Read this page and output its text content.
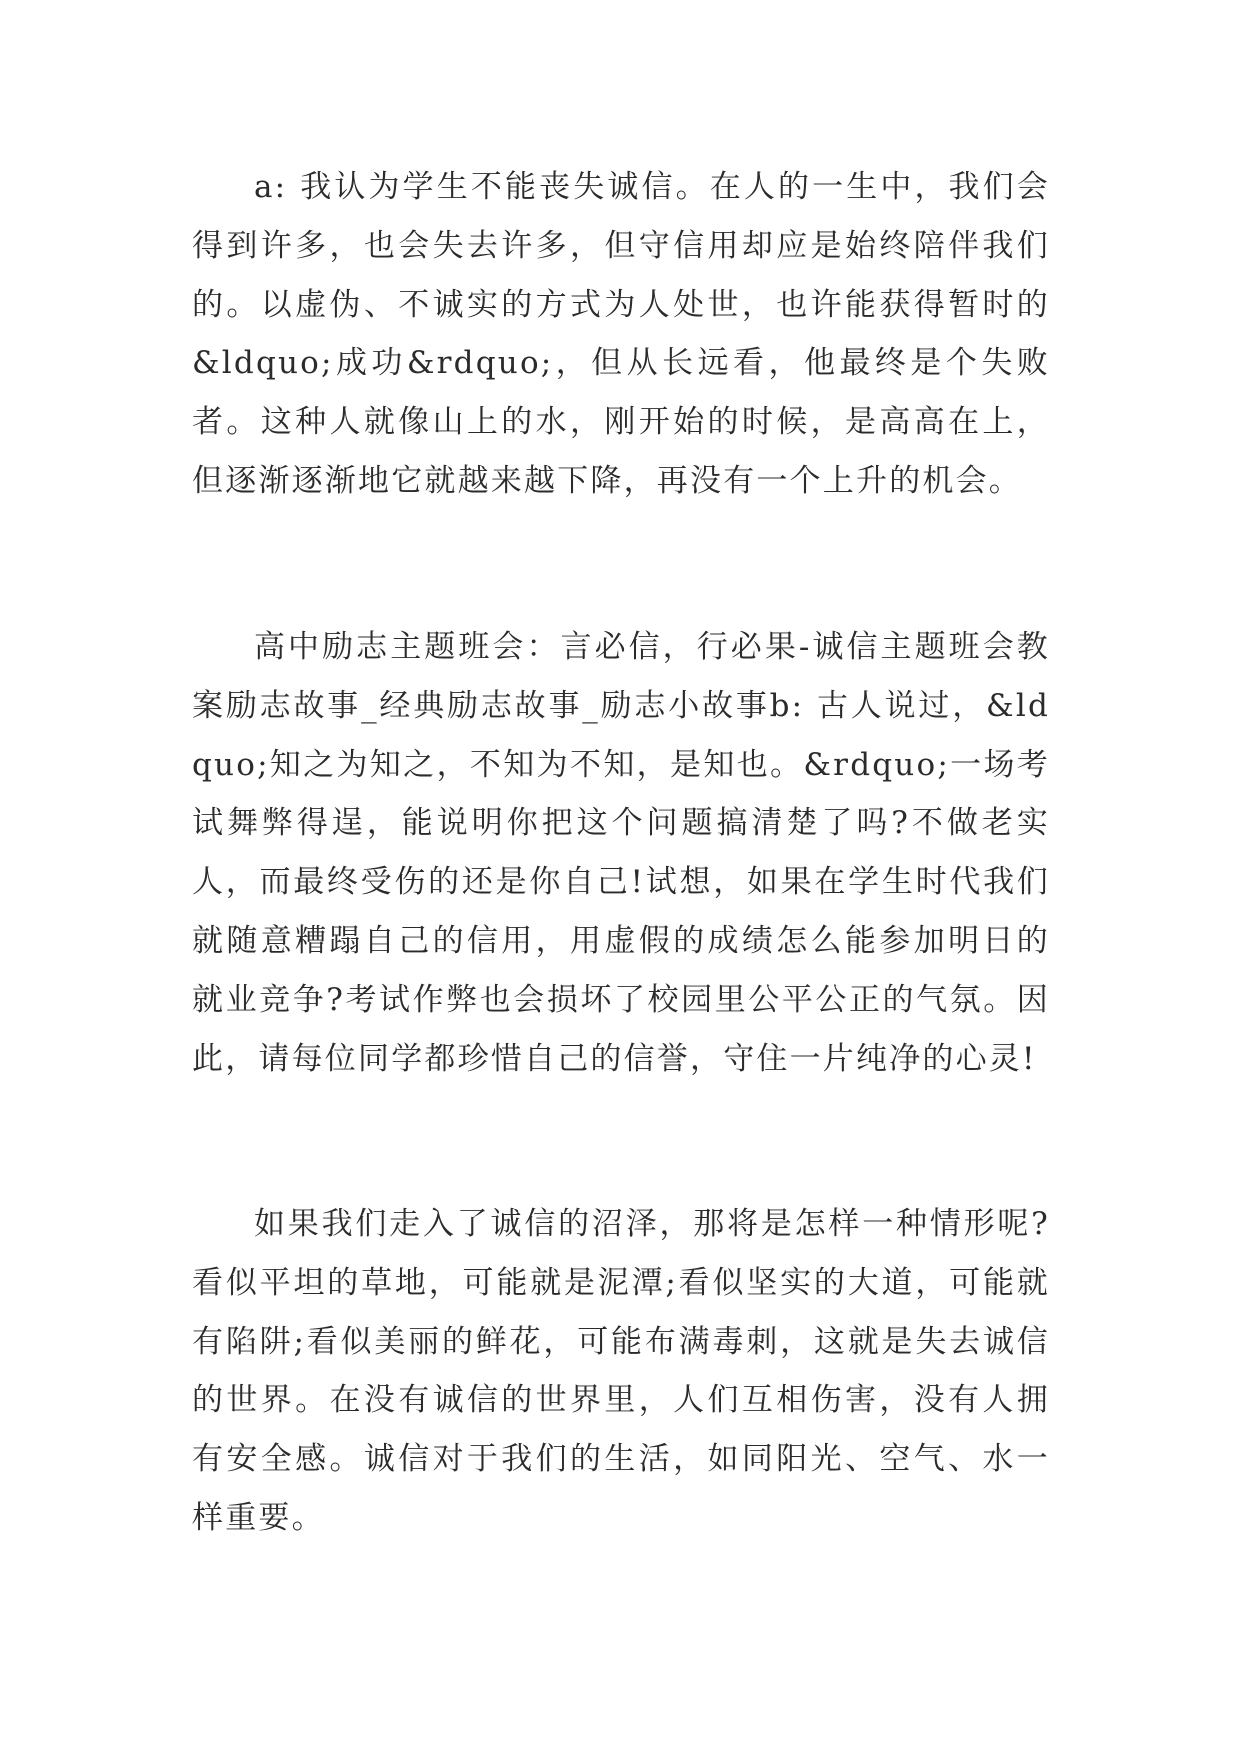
a: 我认为学生不能丧失诚信。在人的一生中，我们会得到许多，也会失去许多，但守信用却应是始终陪伴我们的。以虚伪、不诚实的方式为人处世，也许能获得暂时的 &ldquo;成功&rdquo;，但从长远看，他最终是个失败者。这种人就像山上的水，刚开始的时候，是高高在上，但逐渐逐渐地它就越来越下降，再没有一个上升的机会。

高中励志主题班会：言必信，行必果-诚信主题班会教案励志故事_经典励志故事_励志小故事b: 古人说过，&ldquo;知之为知之，不知为不知，是知也。&rdquo;一场考试舞弊得逞，能说明你把这个问题搞清楚了吗?不做老实人，而最终受伤的还是你自己!试想，如果在学生时代我们就随意糟蹋自己的信用，用虚假的成绩怎么能参加明日的就业竞争?考试作弊也会损坏了校园里公平公正的气氛。因此，请每位同学都珍惜自己的信誉，守住一片纯净的心灵!

如果我们走入了诚信的沼泽，那将是怎样一种情形呢?看似平坦的草地，可能就是泥潭;看似坚实的大道，可能就有陷阱;看似美丽的鲜花，可能布满毒刺，这就是失去诚信的世界。在没有诚信的世界里，人们互相伤害，没有人拥有安全感。诚信对于我们的生活，如同阳光、空气、水一样重要。
